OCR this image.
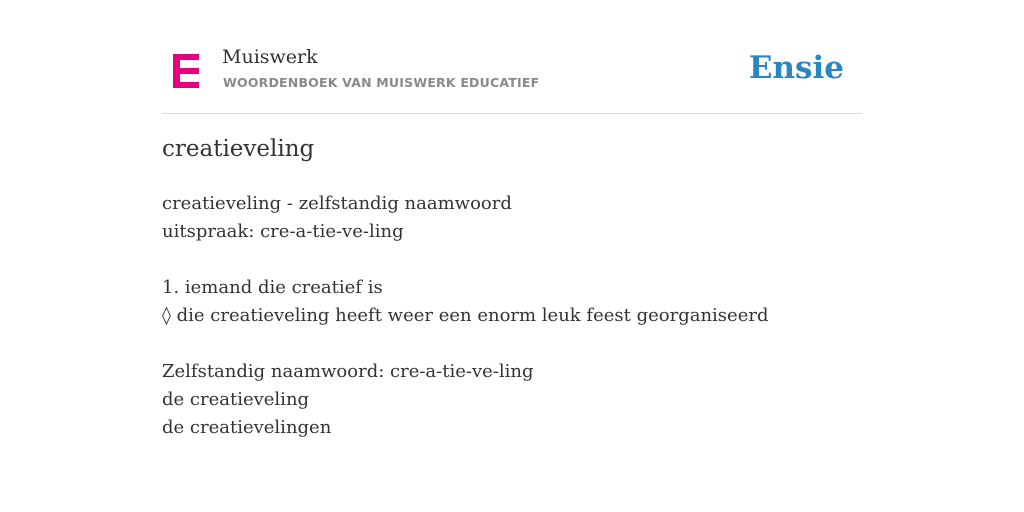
Muiswerk
WOORDENBOEK VAN MUISWERK EDUCATIEF	Ensie
creatieveling
creatieveling - zelfstandig naamwoord
uitspraak: cre-a-tie-ve-ling
1. iemand die creatief is
◊ die creatieveling heeft weer een enorm leuk feest georganiseerd
Zelfstandig naamwoord: cre-a-tie-ve-ling
de creatieveling
de creatievelingen
